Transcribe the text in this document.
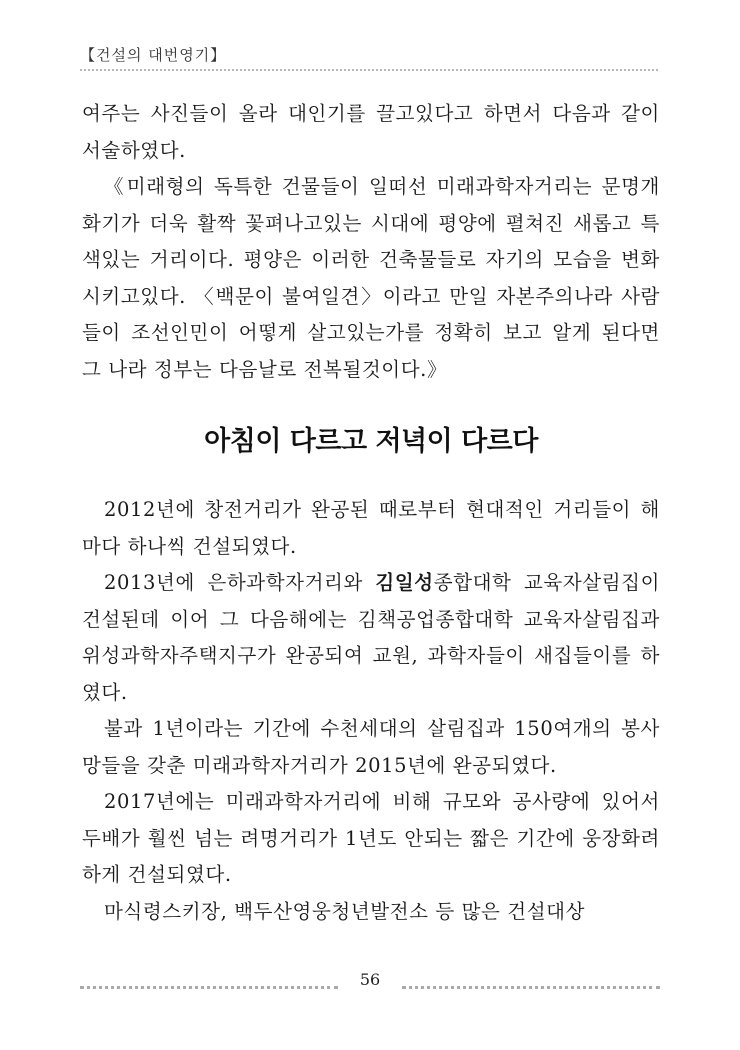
【건설의 대번영기】

여주는 사진들이 올라 대인기를 끌고있다고 하면서 다음과 같이 서술하였다.

《미래형의 독특한 건물들이 일떠선 미래과학자거리는 문명개화기가 더욱 활짝 꽃펴나고있는 시대에 평양에 펼쳐진 새롭고 특색있는 거리이다. 평양은 이러한 건축물들로 자기의 모습을 변화시키고있다. 〈백문이 불여일견〉이라고 만일 자본주의나라 사람들이 조선인민이 어떻게 살고있는가를 정확히 보고 알게 된다면 그 나라 정부는 다음날로 전복될것이다.》

아침이 다르고 저녁이 다르다

2012년에 창전거리가 완공된 때로부터 현대적인 거리들이 해마다 하나씩 건설되였다.

2013년에 은하과학자거리와 김일성종합대학 교육자살림집이 건설된데 이어 그 다음해에는 김책공업종합대학 교육자살림집과 위성과학자주택지구가 완공되여 교원, 과학자들이 새집들이를 하였다.

불과 1년이라는 기간에 수천세대의 살림집과 150여개의 봉사망들을 갖춘 미래과학자거리가 2015년에 완공되였다.

2017년에는 미래과학자거리에 비해 규모와 공사량에 있어서 두배가 훨씬 넘는 려명거리가 1년도 안되는 짧은 기간에 웅장화려하게 건설되였다.

마식령스키장, 백두산영웅청년발전소 등 많은 건설대상

56
